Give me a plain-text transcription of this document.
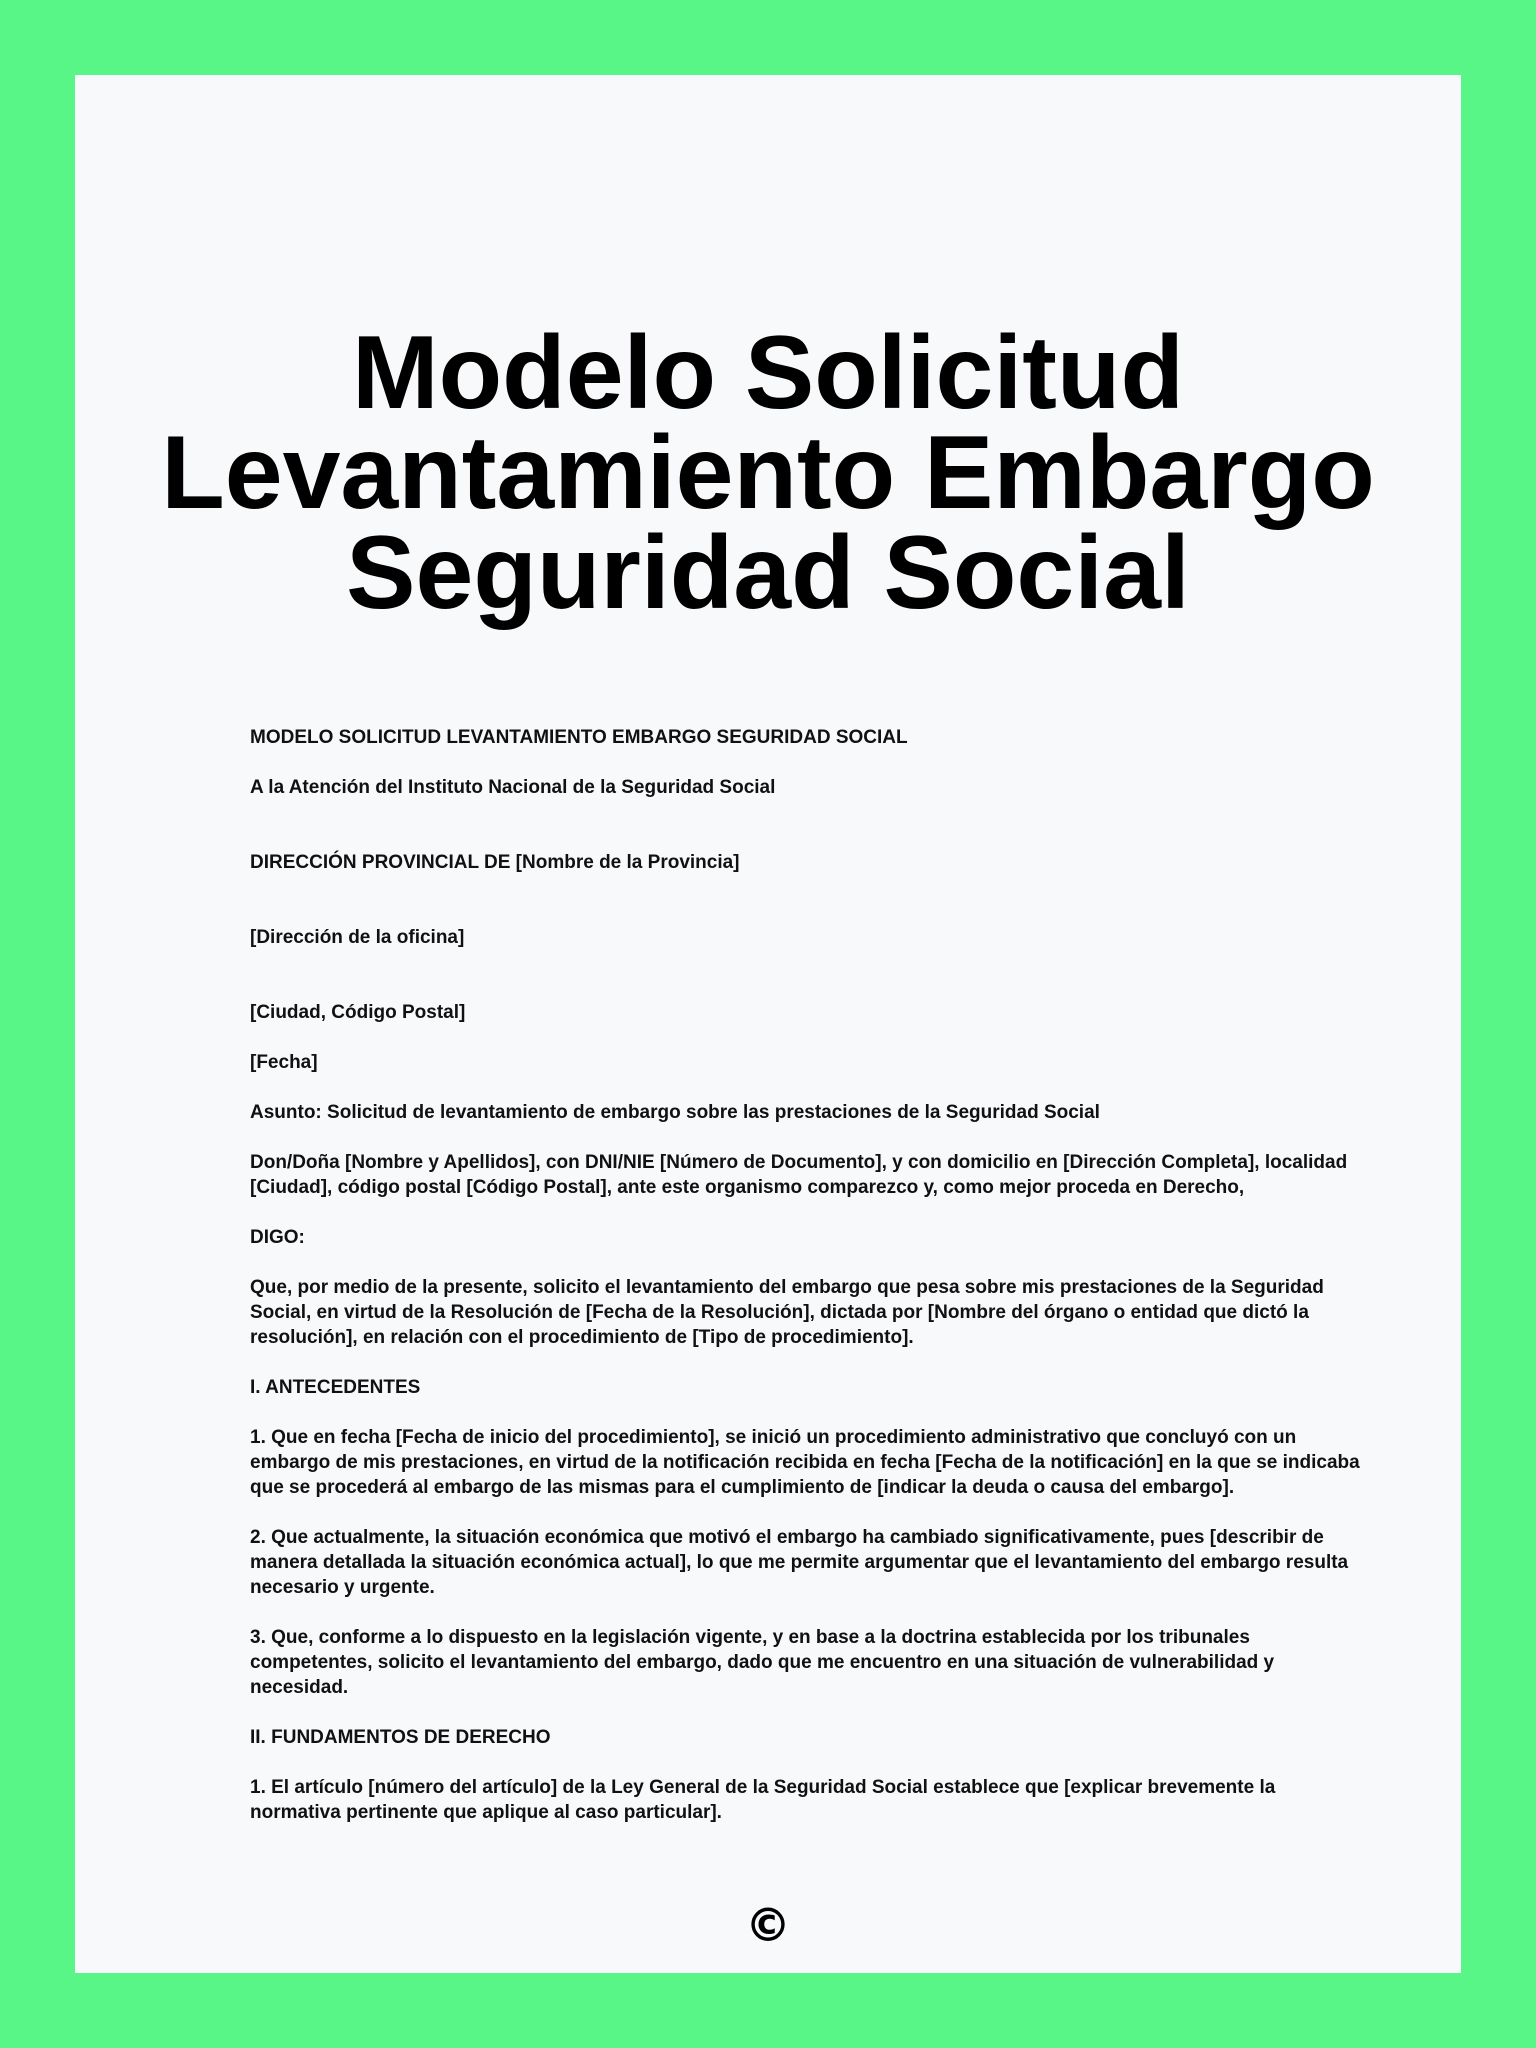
Modelo Solicitud
Levantamiento Embargo
Seguridad Social

MODELO SOLICITUD LEVANTAMIENTO EMBARGO SEGURIDAD SOCIAL

A la Atención del Instituto Nacional de la Seguridad Social

DIRECCIÓN PROVINCIAL DE [Nombre de la Provincia]

[Dirección de la oficina]

[Ciudad, Código Postal]

[Fecha]

Asunto: Solicitud de levantamiento de embargo sobre las prestaciones de la Seguridad Social

Don/Doña [Nombre y Apellidos], con DNI/NIE [Número de Documento], y con domicilio en [Dirección Completa], localidad [Ciudad], código postal [Código Postal], ante este organismo comparezco y, como mejor proceda en Derecho,

DIGO:

Que, por medio de la presente, solicito el levantamiento del embargo que pesa sobre mis prestaciones de la Seguridad Social, en virtud de la Resolución de [Fecha de la Resolución], dictada por [Nombre del órgano o entidad que dictó la resolución], en relación con el procedimiento de [Tipo de procedimiento].

I. ANTECEDENTES

1. Que en fecha [Fecha de inicio del procedimiento], se inició un procedimiento administrativo que concluyó con un embargo de mis prestaciones, en virtud de la notificación recibida en fecha [Fecha de la notificación] en la que se indicaba que se procederá al embargo de las mismas para el cumplimiento de [indicar la deuda o causa del embargo].

2. Que actualmente, la situación económica que motivó el embargo ha cambiado significativamente, pues [describir de manera detallada la situación económica actual], lo que me permite argumentar que el levantamiento del embargo resulta necesario y urgente.

3. Que, conforme a lo dispuesto en la legislación vigente, y en base a la doctrina establecida por los tribunales competentes, solicito el levantamiento del embargo, dado que me encuentro en una situación de vulnerabilidad y necesidad.

II. FUNDAMENTOS DE DERECHO

1. El artículo [número del artículo] de la Ley General de la Seguridad Social establece que [explicar brevemente la normativa pertinente que aplique al caso particular].

©
